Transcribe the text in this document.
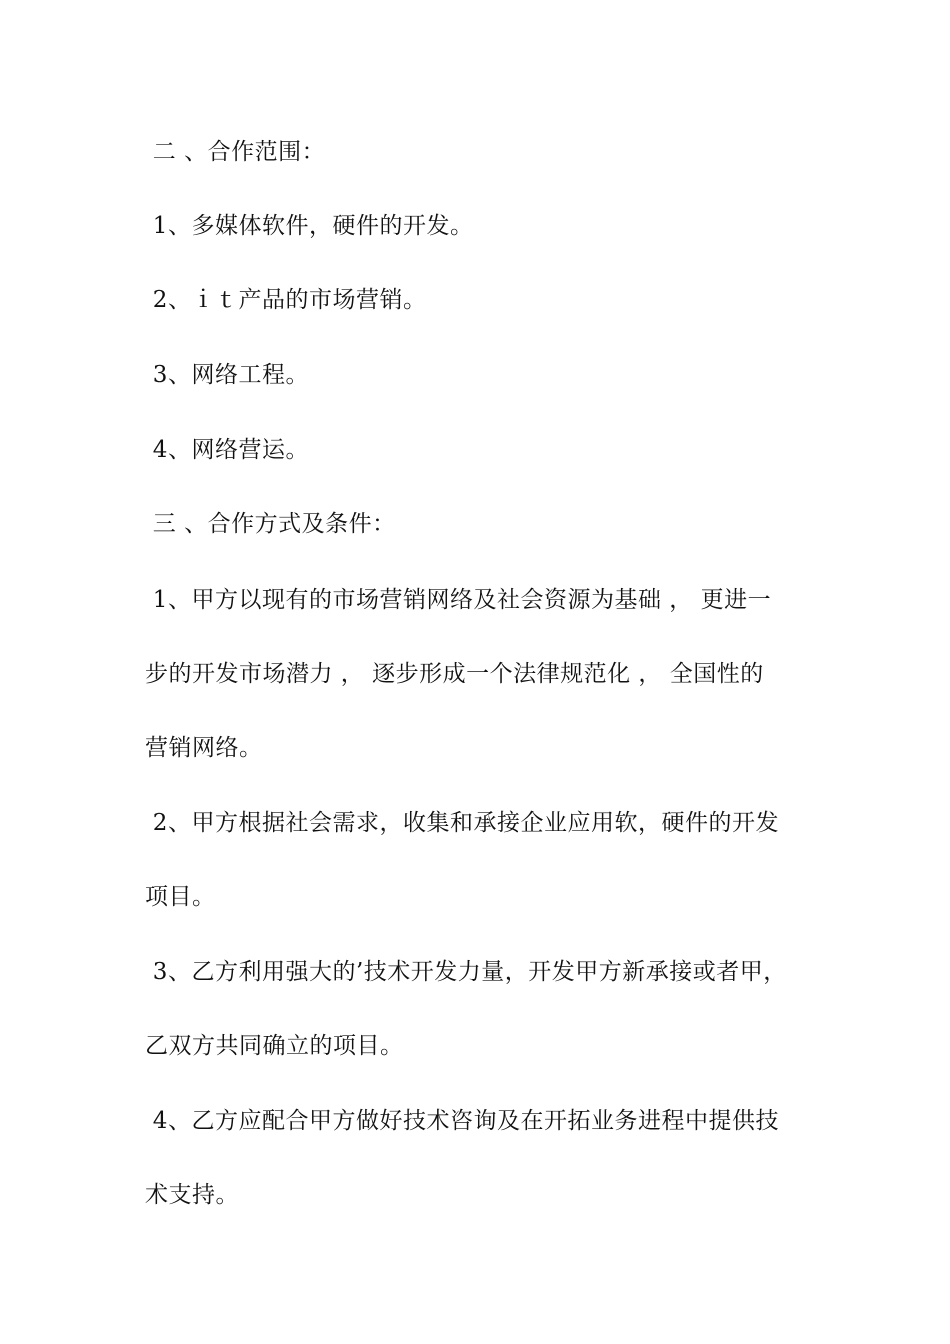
二 、合作范围：
1、多媒体软件，硬件的开发。
2、ｉｔ产品的市场营销。
3、网络工程。
4、网络营运。
三 、合作方式及条件：
1、甲方以现有的市场营销网络及社会资源为基础 ， 更进一
步的开发市场潜力 ， 逐步形成一个法律规范化 ， 全国性的
营销网络。
2、甲方根据社会需求，收集和承接企业应用软，硬件的开发
项目。
3、乙方利用强大的’技术开发力量，开发甲方新承接或者甲，
乙双方共同确立的项目。
4、乙方应配合甲方做好技术咨询及在开拓业务进程中提供技
术支持。
